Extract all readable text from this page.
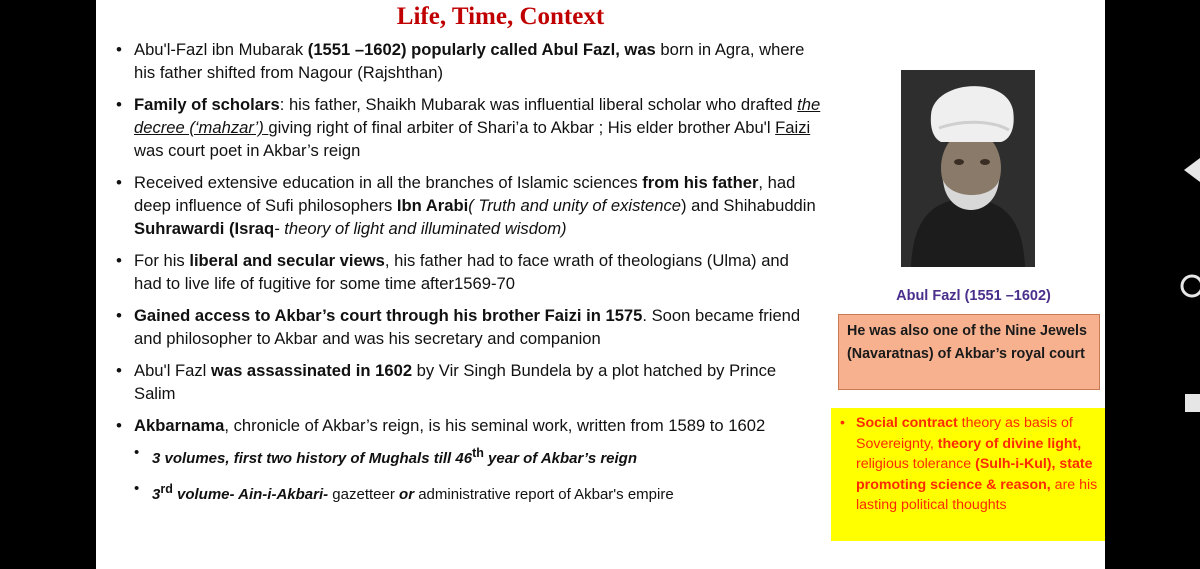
Life, Time, Context
• Abu'l-Fazl ibn Mubarak (1551 –1602) popularly called Abul Fazl, was born in Agra, where his father shifted from Nagour (Rajshthan)
• Family of scholars: his father, Shaikh Mubarak was influential liberal scholar who drafted the decree (‘mahzar’) giving right of final arbiter of Shari’a to Akbar ; His elder brother Abu'l Faizi was court poet in Akbar’s reign
• Received extensive education in all the branches of Islamic sciences from his father, had deep influence of Sufi philosophers Ibn Arabi( Truth and unity of existence) and Shihabuddin Suhrawardi (Israq- theory of light and illuminated wisdom)
• For his liberal and secular views, his father had to face wrath of theologians (Ulma) and had to live life of fugitive for some time after1569-70
• Gained access to Akbar’s court through his brother Faizi in 1575. Soon became friend and philosopher to Akbar and was his secretary and companion
• Abu'l Fazl was assassinated in 1602 by Vir Singh Bundela by a plot hatched by Prince Salim
• Akbarnama, chronicle of Akbar’s reign, is his seminal work, written from 1589 to 1602
• 3 volumes, first two history of Mughals till 46th year of Akbar’s reign
• 3rd volume- Ain-i-Akbari- gazetteer or administrative report of Akbar's empire
Abul Fazl (1551 –1602)
He was also one of the Nine Jewels (Navaratnas) of Akbar’s royal court
• Social contract theory as basis of Sovereignty, theory of divine light, religious tolerance (Sulh-i-Kul), state promoting science & reason, are his lasting political thoughts
